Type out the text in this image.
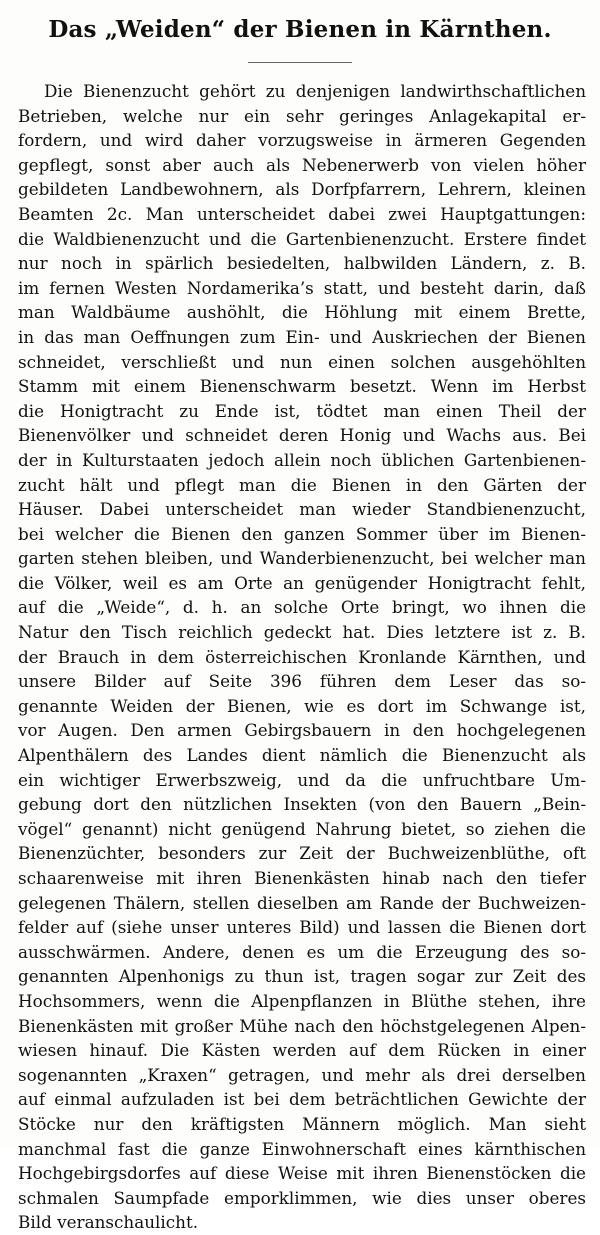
Das „Weiden“ der Bienen in Kärnthen.
Die Bienenzucht gehört zu denjenigen landwirthschaftlichen
Betrieben, welche nur ein sehr geringes Anlagekapital er-
fordern, und wird daher vorzugsweise in ärmeren Gegenden
gepflegt, sonst aber auch als Nebenerwerb von vielen höher
gebildeten Landbewohnern, als Dorfpfarrern, Lehrern, kleinen
Beamten 2c. Man unterscheidet dabei zwei Hauptgattungen:
die Waldbienenzucht und die Gartenbienenzucht. Erstere findet
nur noch in spärlich besiedelten, halbwilden Ländern, z. B.
im fernen Westen Nordamerika’s statt, und besteht darin, daß
man Waldbäume aushöhlt, die Höhlung mit einem Brette,
in das man Oeffnungen zum Ein- und Auskriechen der Bienen
schneidet, verschließt und nun einen solchen ausgehöhlten
Stamm mit einem Bienenschwarm besetzt. Wenn im Herbst
die Honigtracht zu Ende ist, tödtet man einen Theil der
Bienenvölker und schneidet deren Honig und Wachs aus. Bei
der in Kulturstaaten jedoch allein noch üblichen Gartenbienen-
zucht hält und pflegt man die Bienen in den Gärten der
Häuser. Dabei unterscheidet man wieder Standbienenzucht,
bei welcher die Bienen den ganzen Sommer über im Bienen-
garten stehen bleiben, und Wanderbienenzucht, bei welcher man
die Völker, weil es am Orte an genügender Honigtracht fehlt,
auf die „Weide“, d. h. an solche Orte bringt, wo ihnen die
Natur den Tisch reichlich gedeckt hat. Dies letztere ist z. B.
der Brauch in dem österreichischen Kronlande Kärnthen, und
unsere Bilder auf Seite 396 führen dem Leser das so-
genannte Weiden der Bienen, wie es dort im Schwange ist,
vor Augen. Den armen Gebirgsbauern in den hochgelegenen
Alpenthälern des Landes dient nämlich die Bienenzucht als
ein wichtiger Erwerbszweig, und da die unfruchtbare Um-
gebung dort den nützlichen Insekten (von den Bauern „Bein-
vögel“ genannt) nicht genügend Nahrung bietet, so ziehen die
Bienenzüchter, besonders zur Zeit der Buchweizenblüthe, oft
schaarenweise mit ihren Bienenkästen hinab nach den tiefer
gelegenen Thälern, stellen dieselben am Rande der Buchweizen-
felder auf (siehe unser unteres Bild) und lassen die Bienen dort
ausschwärmen. Andere, denen es um die Erzeugung des so-
genannten Alpenhonigs zu thun ist, tragen sogar zur Zeit des
Hochsommers, wenn die Alpenpflanzen in Blüthe stehen, ihre
Bienenkästen mit großer Mühe nach den höchstgelegenen Alpen-
wiesen hinauf. Die Kästen werden auf dem Rücken in einer
sogenannten „Kraxen“ getragen, und mehr als drei derselben
auf einmal aufzuladen ist bei dem beträchtlichen Gewichte der
Stöcke nur den kräftigsten Männern möglich. Man sieht
manchmal fast die ganze Einwohnerschaft eines kärnthischen
Hochgebirgsdorfes auf diese Weise mit ihren Bienenstöcken die
schmalen Saumpfade emporklimmen, wie dies unser oberes
Bild veranschaulicht.
